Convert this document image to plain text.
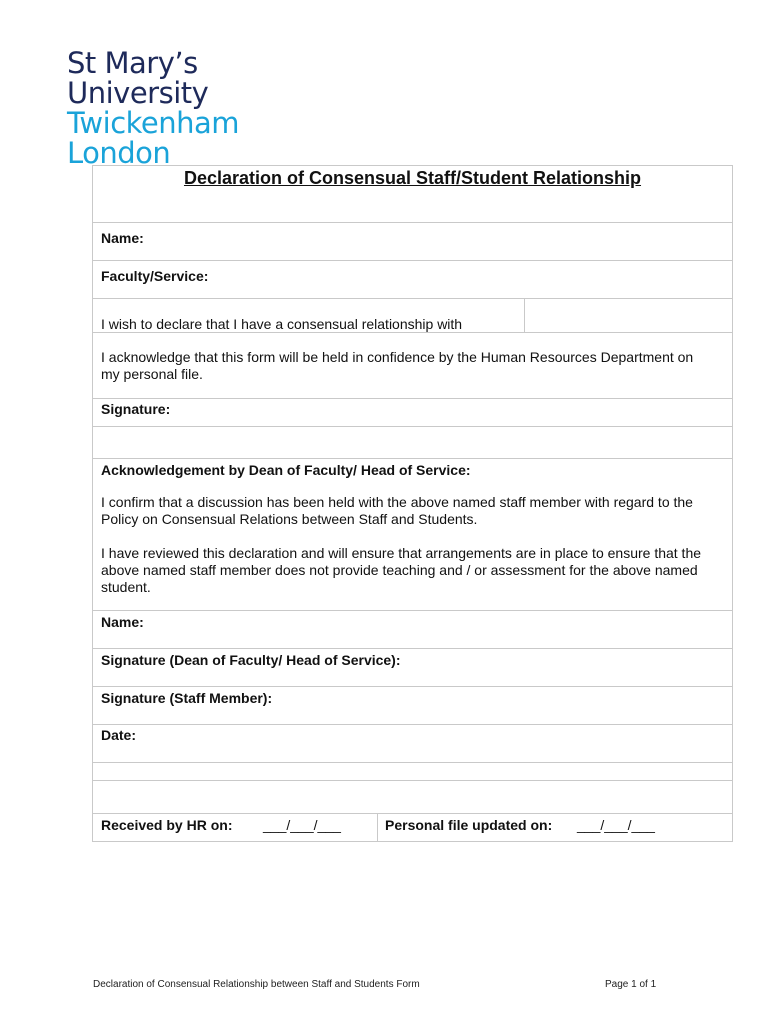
St Mary’s
University
Twickenham
London
Declaration of Consensual Staff/Student Relationship
Name:
Faculty/Service:
I wish to declare that I have a consensual relationship with
I acknowledge that this form will be held in confidence by the Human Resources Department on my personal file.
Signature:
Acknowledgement by Dean of Faculty/ Head of Service:
I confirm that a discussion has been held with the above named staff member with regard to the Policy on Consensual Relations between Staff and Students.
I have reviewed this declaration and will ensure that arrangements are in place to ensure that the above named staff member does not provide teaching and / or assessment for the above named student.
Name:
Signature (Dean of Faculty/ Head of Service):
Signature (Staff Member):
Date:
Received by HR on: ___/___/___	Personal file updated on: ___/___/___
Declaration of Consensual Relationship between Staff and Students Form	Page 1 of 1
